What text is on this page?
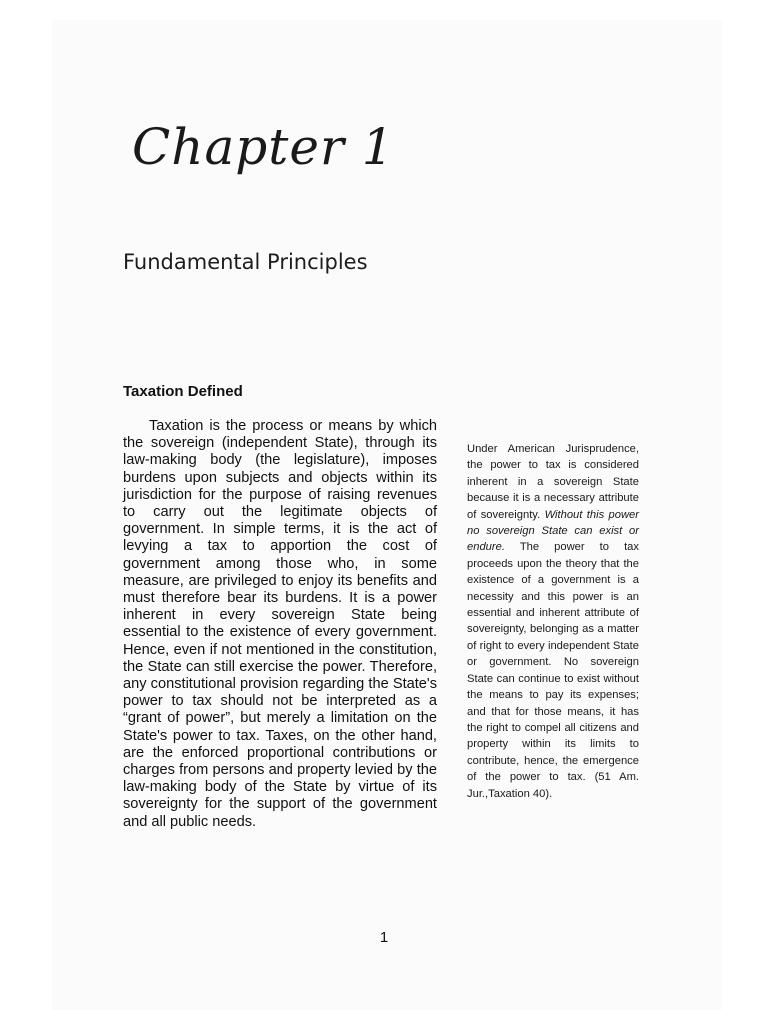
Chapter 1
Fundamental Principles
Taxation Defined

Taxation is the process or means by which the sovereign (independent State), through its law-making body (the legislature), imposes burdens upon subjects and objects within its jurisdiction for the purpose of raising revenues to carry out the legitimate objects of government. In simple terms, it is the act of levying a tax to apportion the cost of government among those who, in some measure, are privileged to enjoy its benefits and must therefore bear its burdens. It is a power inherent in every sovereign State being essential to the existence of every government. Hence, even if not mentioned in the constitution, the State can still exercise the power. Therefore, any constitutional provision regarding the State's power to tax should not be interpreted as a “grant of power”, but merely a limitation on the State's power to tax. Taxes, on the other hand, are the enforced proportional contributions or charges from persons and property levied by the law-making body of the State by virtue of its sovereignty for the support of the government and all public needs.

Under American Jurisprudence, the power to tax is considered inherent in a sovereign State because it is a necessary attribute of sovereignty. Without this power no sovereign State can exist or endure. The power to tax proceeds upon the theory that the existence of a government is a necessity and this power is an essential and inherent attribute of sovereignty, belonging as a matter of right to every independent State or government. No sovereign State can continue to exist without the means to pay its expenses; and that for those means, it has the right to compel all citizens and property within its limits to contribute, hence, the emergence of the power to tax. (51 Am. Jur.,Taxation 40).

1
